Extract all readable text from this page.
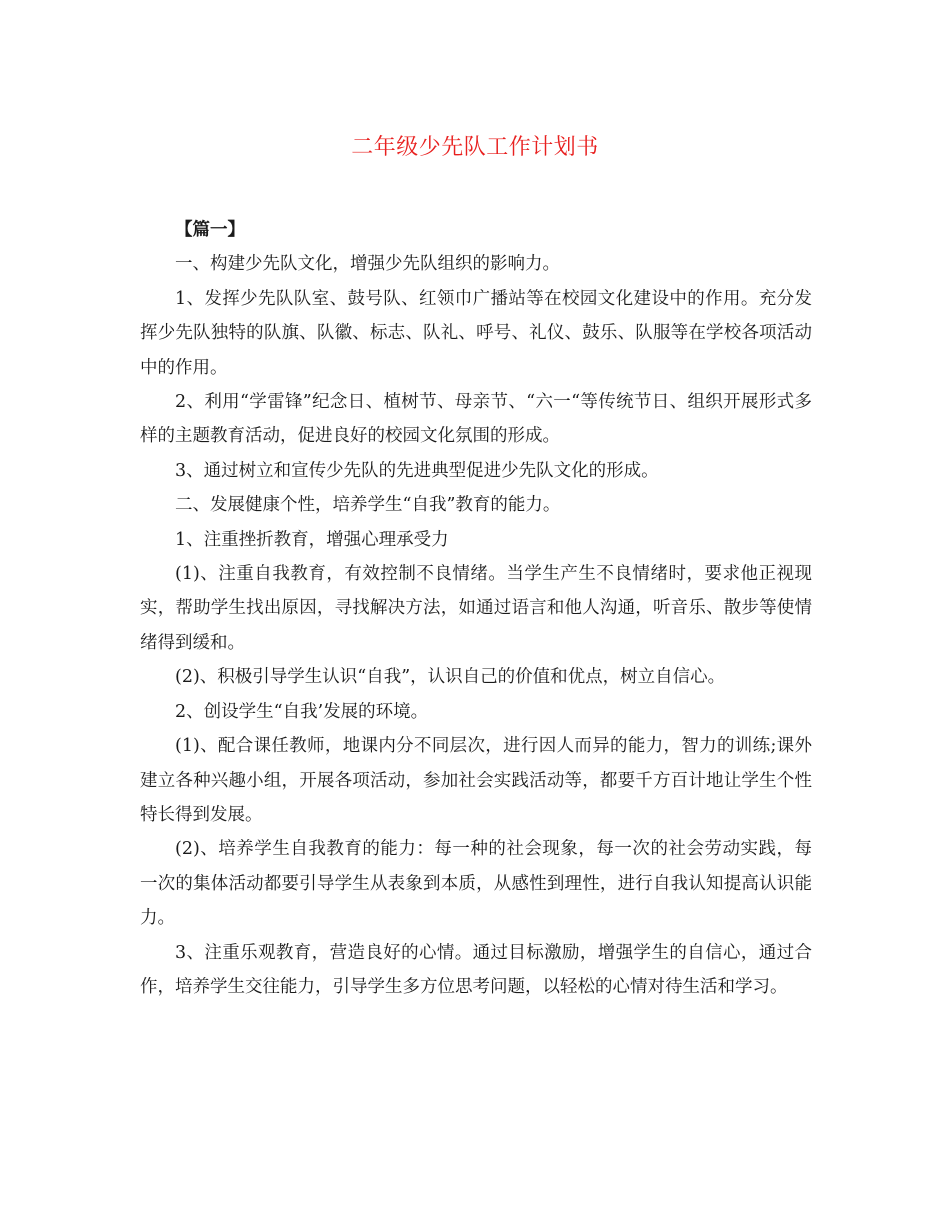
二年级少先队工作计划书

【篇一】

一、构建少先队文化，增强少先队组织的影响力。

1、发挥少先队队室、鼓号队、红领巾广播站等在校园文化建设中的作用。充分发挥少先队独特的队旗、队徽、标志、队礼、呼号、礼仪、鼓乐、队服等在学校各项活动中的作用。

2、利用“学雷锋”纪念日、植树节、母亲节、“六一“等传统节日、组织开展形式多样的主题教育活动，促进良好的校园文化氛围的形成。

3、通过树立和宣传少先队的先进典型促进少先队文化的形成。

二、发展健康个性，培养学生“自我”教育的能力。

1、注重挫折教育，增强心理承受力

(1)、注重自我教育，有效控制不良情绪。当学生产生不良情绪时，要求他正视现实，帮助学生找出原因，寻找解决方法，如通过语言和他人沟通，听音乐、散步等使情绪得到缓和。

(2)、积极引导学生认识“自我”，认识自己的价值和优点，树立自信心。

2、创设学生“自我’发展的环境。

(1)、配合课任教师，地课内分不同层次，进行因人而异的能力，智力的训练;课外建立各种兴趣小组，开展各项活动，参加社会实践活动等，都要千方百计地让学生个性特长得到发展。

(2)、培养学生自我教育的能力：每一种的社会现象，每一次的社会劳动实践，每一次的集体活动都要引导学生从表象到本质，从感性到理性，进行自我认知提高认识能力。

3、注重乐观教育，营造良好的心情。通过目标激励，增强学生的自信心，通过合作，培养学生交往能力，引导学生多方位思考问题，以轻松的心情对待生活和学习。
